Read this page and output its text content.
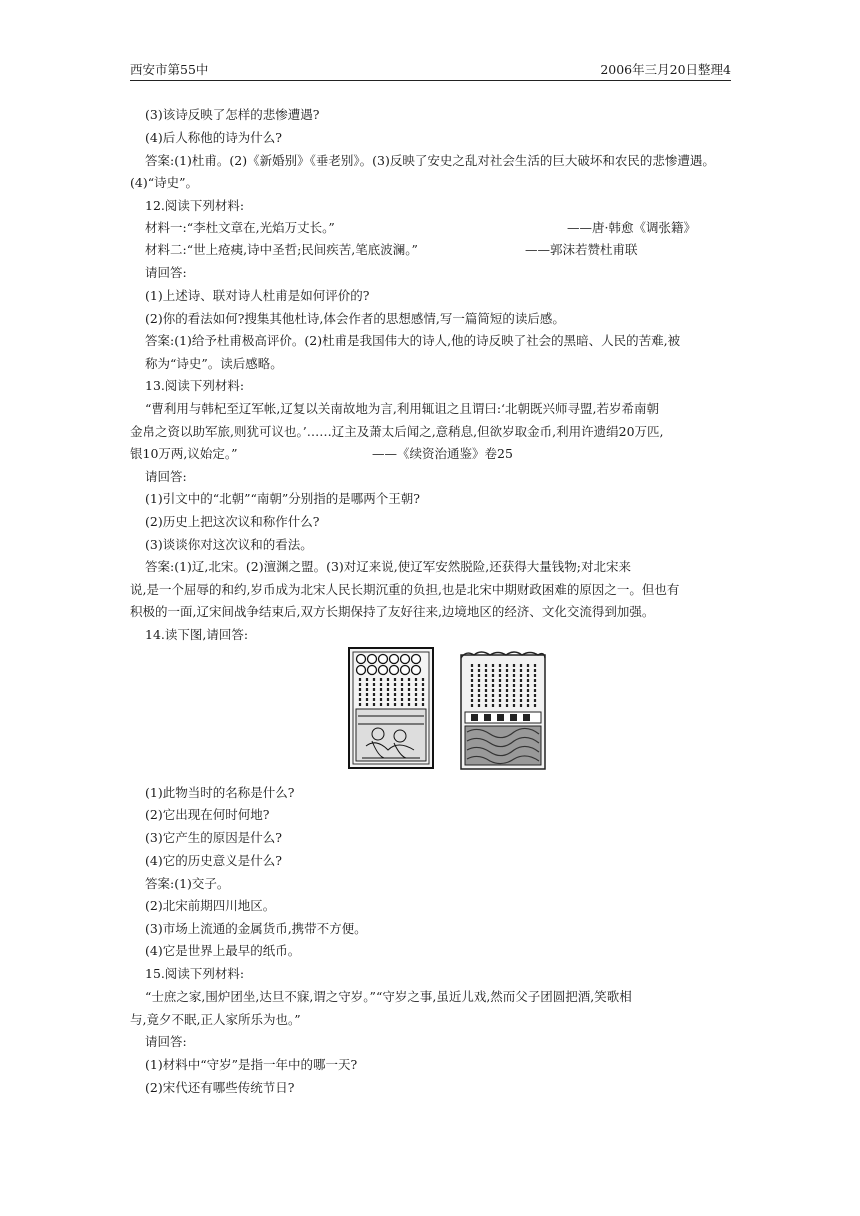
西安市第55中	2006年三月20日整理4
(3)该诗反映了怎样的悲惨遭遇?
(4)后人称他的诗为什么?
答案:(1)杜甫。(2)《新婚别》《垂老别》。(3)反映了安史之乱对社会生活的巨大破坏和农民的悲惨遭遇。
(4)“诗史”。
12.阅读下列材料:
材料一:“李杜文章在,光焰万丈长。”	——唐·韩愈《调张籍》
材料二:“世上疮痍,诗中圣哲;民间疾苦,笔底波澜。”	——郭沫若赞杜甫联
请回答:
(1)上述诗、联对诗人杜甫是如何评价的?
(2)你的看法如何?搜集其他杜诗,体会作者的思想感情,写一篇简短的读后感。
答案:(1)给予杜甫极高评价。(2)杜甫是我国伟大的诗人,他的诗反映了社会的黑暗、人民的苦难,被
称为“诗史”。读后感略。
13.阅读下列材料:
“曹利用与韩杞至辽军帐,辽复以关南故地为言,利用辄诅之且谓曰:‘北朝既兴师寻盟,若岁希南朝
金帛之资以助军旅,则犹可议也。’……辽主及萧太后闻之,意稍息,但欲岁取金币,利用许遗绢20万匹,
银10万两,议始定。”	——《续资治通鉴》卷25
请回答:
(1)引文中的“北朝”“南朝”分别指的是哪两个王朝?
(2)历史上把这次议和称作什么?
(3)谈谈你对这次议和的看法。
答案:(1)辽,北宋。(2)澶渊之盟。(3)对辽来说,使辽军安然脱险,还获得大量钱物;对北宋来
说,是一个屈辱的和约,岁币成为北宋人民长期沉重的负担,也是北宋中期财政困难的原因之一。但也有
积极的一面,辽宋间战争结束后,双方长期保持了友好往来,边境地区的经济、文化交流得到加强。
14.读下图,请回答:
(1)此物当时的名称是什么?
(2)它出现在何时何地?
(3)它产生的原因是什么?
(4)它的历史意义是什么?
答案:(1)交子。
(2)北宋前期四川地区。
(3)市场上流通的金属货币,携带不方便。
(4)它是世界上最早的纸币。
15.阅读下列材料:
“士庶之家,围炉团坐,达旦不寐,谓之守岁。”“守岁之事,虽近儿戏,然而父子团圆把酒,笑歌相
与,竟夕不眠,正人家所乐为也。”
请回答:
(1)材料中“守岁”是指一年中的哪一天?
(2)宋代还有哪些传统节日?
